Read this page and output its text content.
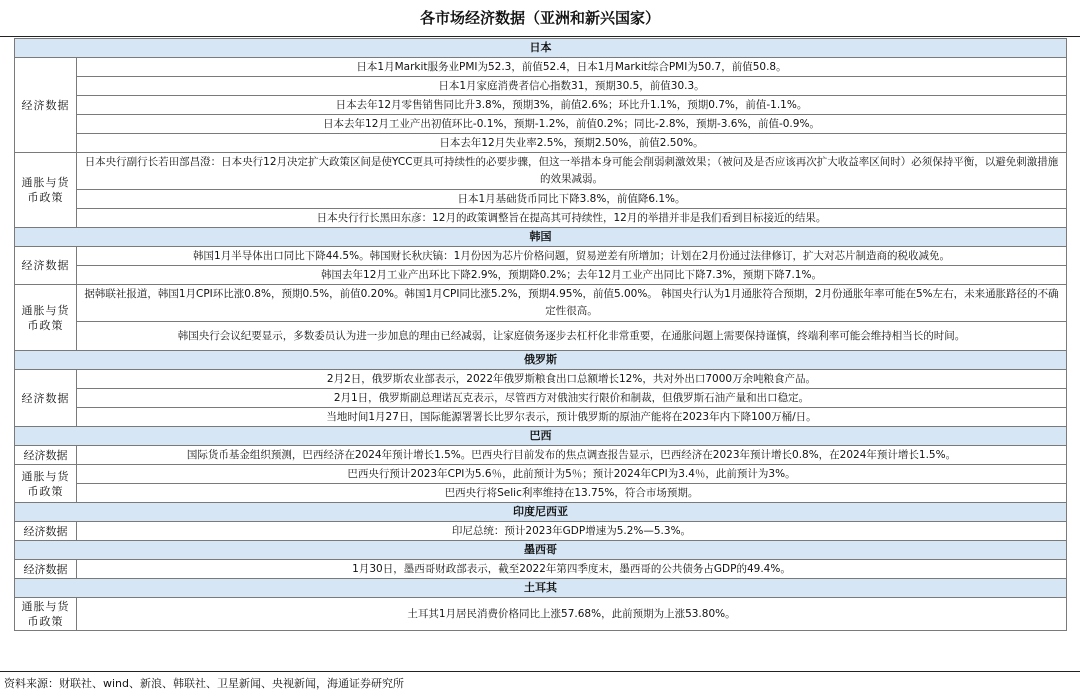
各市场经济数据（亚洲和新兴国家）
日本	
经济数据	日本1月Markit服务业PMI为52.3，前值52.4，日本1月Markit综合PMI为50.7，前值50.8。
	日本1月家庭消费者信心指数31，预期30.5，前值30.3。
	日本去年12月零售销售同比升3.8%，预期3%，前值2.6%；环比升1.1%，预期0.7%，前值-1.1%。
	日本去年12月工业产出初值环比-0.1%，预期-1.2%，前值0.2%；同比-2.8%，预期-3.6%，前值-0.9%。
	日本去年12月失业率2.5%，预期2.50%，前值2.50%。
通胀与货币政策	日本央行副行长若田部昌澄：日本央行12月决定扩大政策区间是使YCC更具可持续性的必要步骤，但这一举措本身可能会削弱刺激效果；（被问及是否应该再次扩大收益率区间时）必须保持平衡，以避免刺激措施的效果减弱。
	日本1月基础货币同比下降3.8%，前值降6.1%。
	日本央行行长黑田东彦：12月的政策调整旨在提高其可持续性，12月的举措并非是我们看到目标接近的结果。
韩国	
经济数据	韩国1月半导体出口同比下降44.5%。韩国财长秋庆镐：1月份因为芯片价格问题，贸易逆差有所增加；计划在2月份通过法律修订，扩大对芯片制造商的税收减免。
	韩国去年12月工业产出环比下降2.9%，预期降0.2%；去年12月工业产出同比下降7.3%，预期下降7.1%。
通胀与货币政策	据韩联社报道，韩国1月CPI环比涨0.8%，预期0.5%，前值0.20%。韩国1月CPI同比涨5.2%，预期4.95%，前值5.00%。 韩国央行认为1月通胀符合预期，2月份通胀年率可能在5%左右，未来通胀路径的不确定性很高。
	韩国央行会议纪要显示，多数委员认为进一步加息的理由已经减弱，让家庭债务逐步去杠杆化非常重要，在通胀问题上需要保持谨慎，终端利率可能会维持相当长的时间。
俄罗斯	
经济数据	2月2日，俄罗斯农业部表示，2022年俄罗斯粮食出口总额增长12%，共对外出口7000万余吨粮食产品。
	2月1日，俄罗斯副总理诺瓦克表示，尽管西方对俄油实行限价和制裁，但俄罗斯石油产量和出口稳定。
	当地时间1月27日，国际能源署署长比罗尔表示，预计俄罗斯的原油产能将在2023年内下降100万桶/日。
巴西	
经济数据	国际货币基金组织预测，巴西经济在2024年预计增长1.5%。巴西央行目前发布的焦点调查报告显示，巴西经济在2023年预计增长0.8%，在2024年预计增长1.5%。
通胀与货币政策	巴西央行预计2023年CPI为5.6％，此前预计为5％；预计2024年CPI为3.4％，此前预计为3%。
	巴西央行将Selic利率维持在13.75%，符合市场预期。
印度尼西亚	
经济数据	印尼总统：预计2023年GDP增速为5.2%—5.3%。
墨西哥	
经济数据	1月30日，墨西哥财政部表示，截至2022年第四季度末，墨西哥的公共债务占GDP的49.4%。
土耳其	
通胀与货币政策	土耳其1月居民消费价格同比上涨57.68%，此前预期为上涨53.80%。
资料来源：财联社、wind、新浪、韩联社、卫星新闻、央视新闻，海通证券研究所
